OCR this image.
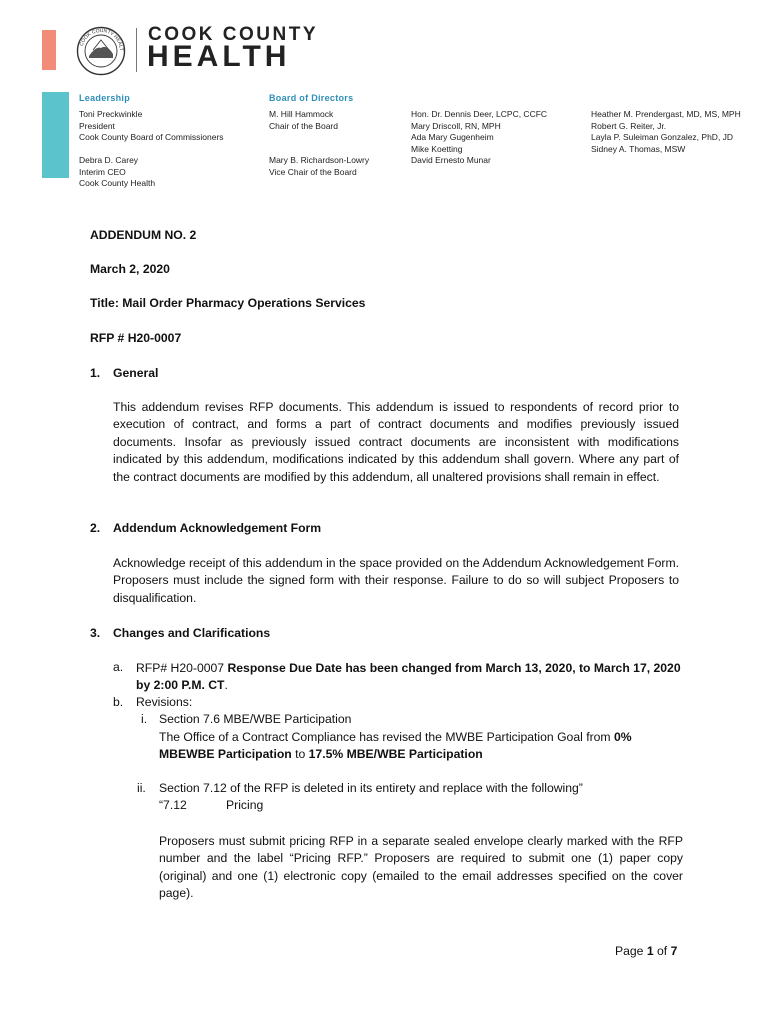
COOK COUNTY HEALT
COOK COUNTY
HEALTH
Leadership
Toni Preckwinkle
President
Cook County Board of Commissioners
Debra D. Carey
Interim CEO
Cook County Health
Board of Directors
M. Hill Hammock
Chair of the Board
Mary B. Richardson-Lowry
Vice Chair of the Board
Hon. Dr. Dennis Deer, LCPC, CCFC
Mary Driscoll, RN, MPH
Ada Mary Gugenheim
Mike Koetting
David Ernesto Munar
Heather M. Prendergast, MD, MS, MPH
Robert G. Reiter, Jr.
Layla P. Suleiman Gonzalez, PhD, JD
Sidney A. Thomas, MSW
ADDENDUM NO. 2
March 2, 2020
Title: Mail Order Pharmacy Operations Services
RFP # H20-0007
1. General
This addendum revises RFP documents. This addendum is issued to respondents of record prior to execution of contract, and forms a part of contract documents and modifies previously issued documents. Insofar as previously issued contract documents are inconsistent with modifications indicated by this addendum, modifications indicated by this addendum shall govern. Where any part of the contract documents are modified by this addendum, all unaltered provisions shall remain in effect.
2. Addendum Acknowledgement Form
Acknowledge receipt of this addendum in the space provided on the Addendum Acknowledgement Form. Proposers must include the signed form with their response. Failure to do so will subject Proposers to disqualification.
3. Changes and Clarifications
a. RFP# H20-0007 Response Due Date has been changed from March 13, 2020, to March 17, 2020
by 2:00 P.M. CT.
b. Revisions:
i. Section 7.6 MBE/WBE Participation
The Office of a Contract Compliance has revised the MWBE Participation Goal from 0%
MBEWBE Participation to 17.5% MBE/WBE Participation
ii. Section 7.12 of the RFP is deleted in its entirety and replace with the following”
“7.12	Pricing
Proposers must submit pricing RFP in a separate sealed envelope clearly marked with the RFP number and the label “Pricing RFP.” Proposers are required to submit one (1) paper copy (original) and one (1) electronic copy (emailed to the email addresses specified on the cover page).
Page 1 of 7
